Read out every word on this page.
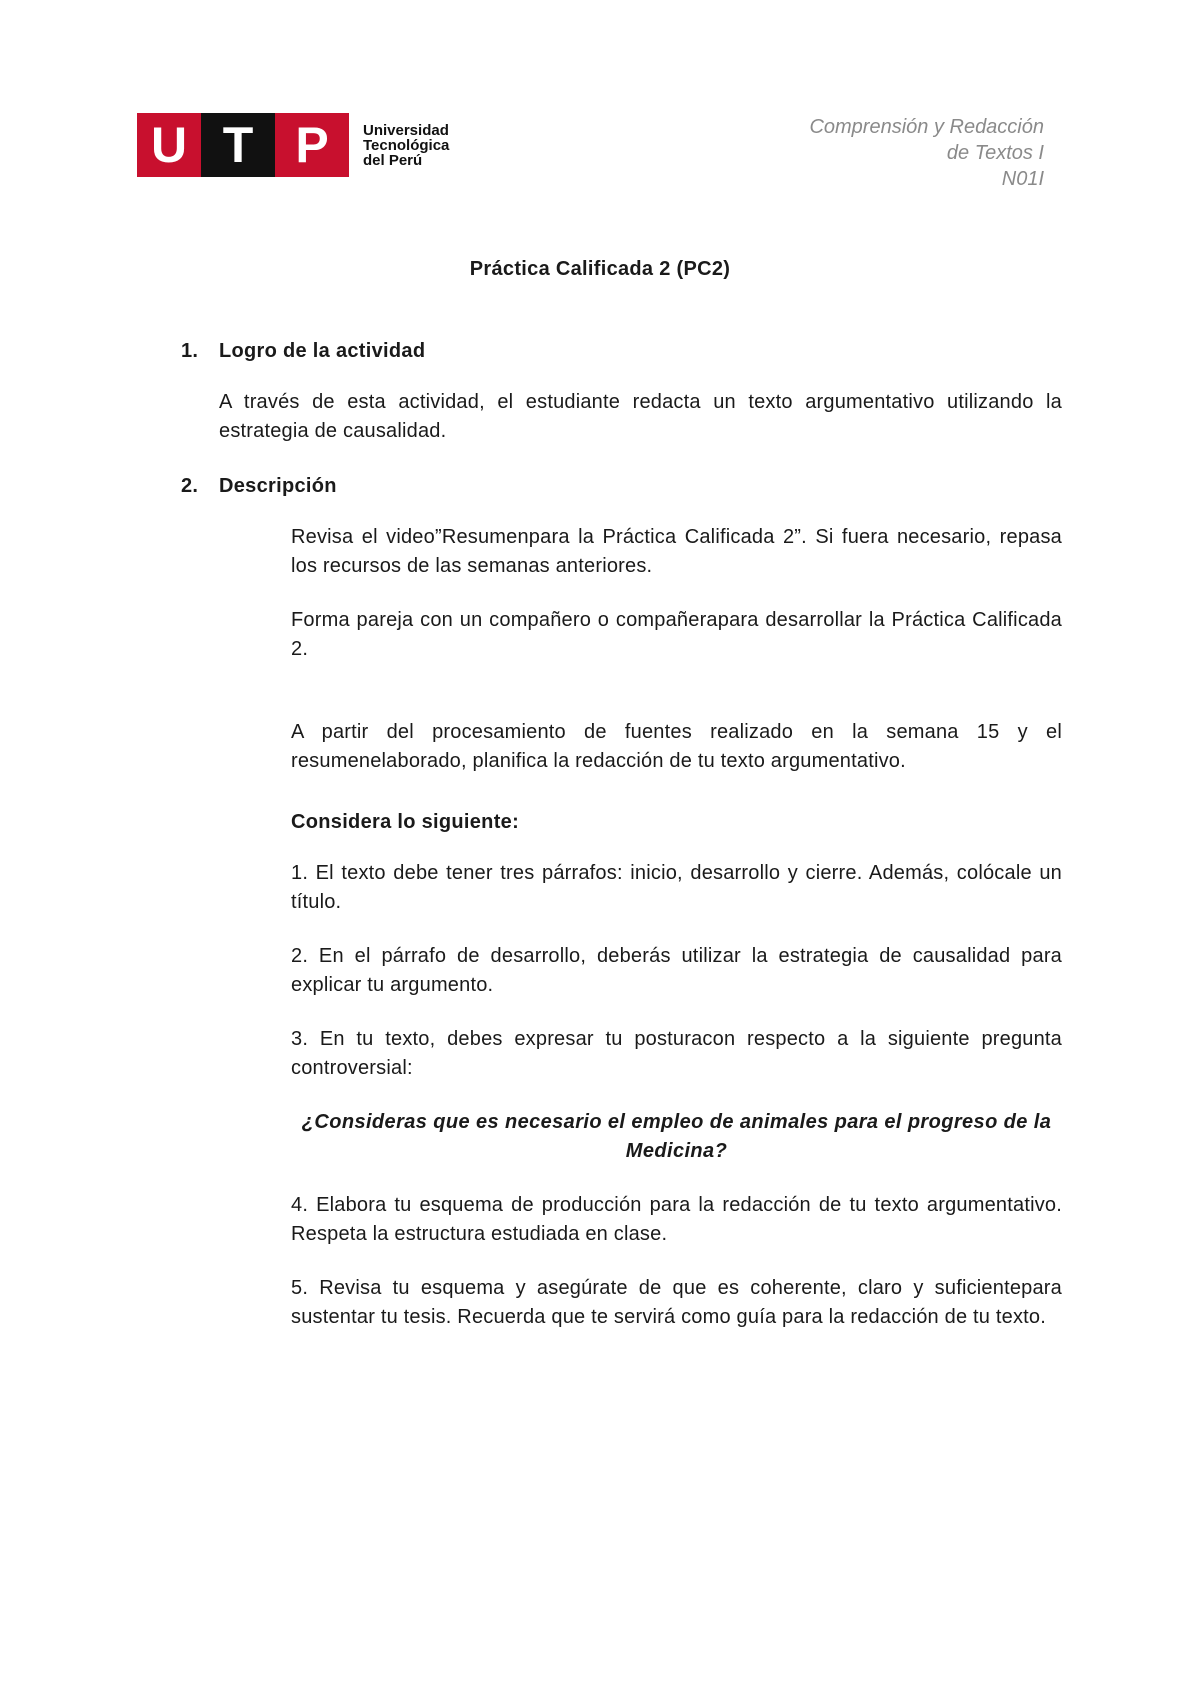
U T P	Universidad
Tecnológica
del Perú
Comprensión y Redacción
de Textos I
N01I
Práctica Calificada 2 (PC2)
1. Logro de la actividad

A través de esta actividad, el estudiante redacta un texto argumentativo utilizando la estrategia de causalidad.

2. Descripción

Revisa el video”Resumenpara la Práctica Calificada 2”. Si fuera necesario, repasa los recursos de las semanas anteriores.

Forma pareja con un compañero o compañerapara desarrollar la Práctica Calificada 2.

A partir del procesamiento de fuentes realizado en la semana 15 y el resumenelaborado, planifica la redacción de tu texto argumentativo.

Considera lo siguiente:

1. El texto debe tener tres párrafos: inicio, desarrollo y cierre. Además, colócale un título.

2. En el párrafo de desarrollo, deberás utilizar la estrategia de causalidad para explicar tu argumento.

3. En tu texto, debes expresar tu posturacon respecto a la siguiente pregunta controversial:

¿Consideras que es necesario el empleo de animales para el progreso de la Medicina?

4. Elabora tu esquema de producción para la redacción de tu texto argumentativo. Respeta la estructura estudiada en clase.

5. Revisa tu esquema y asegúrate de que es coherente, claro y suficientepara sustentar tu tesis. Recuerda que te servirá como guía para la redacción de tu texto.
